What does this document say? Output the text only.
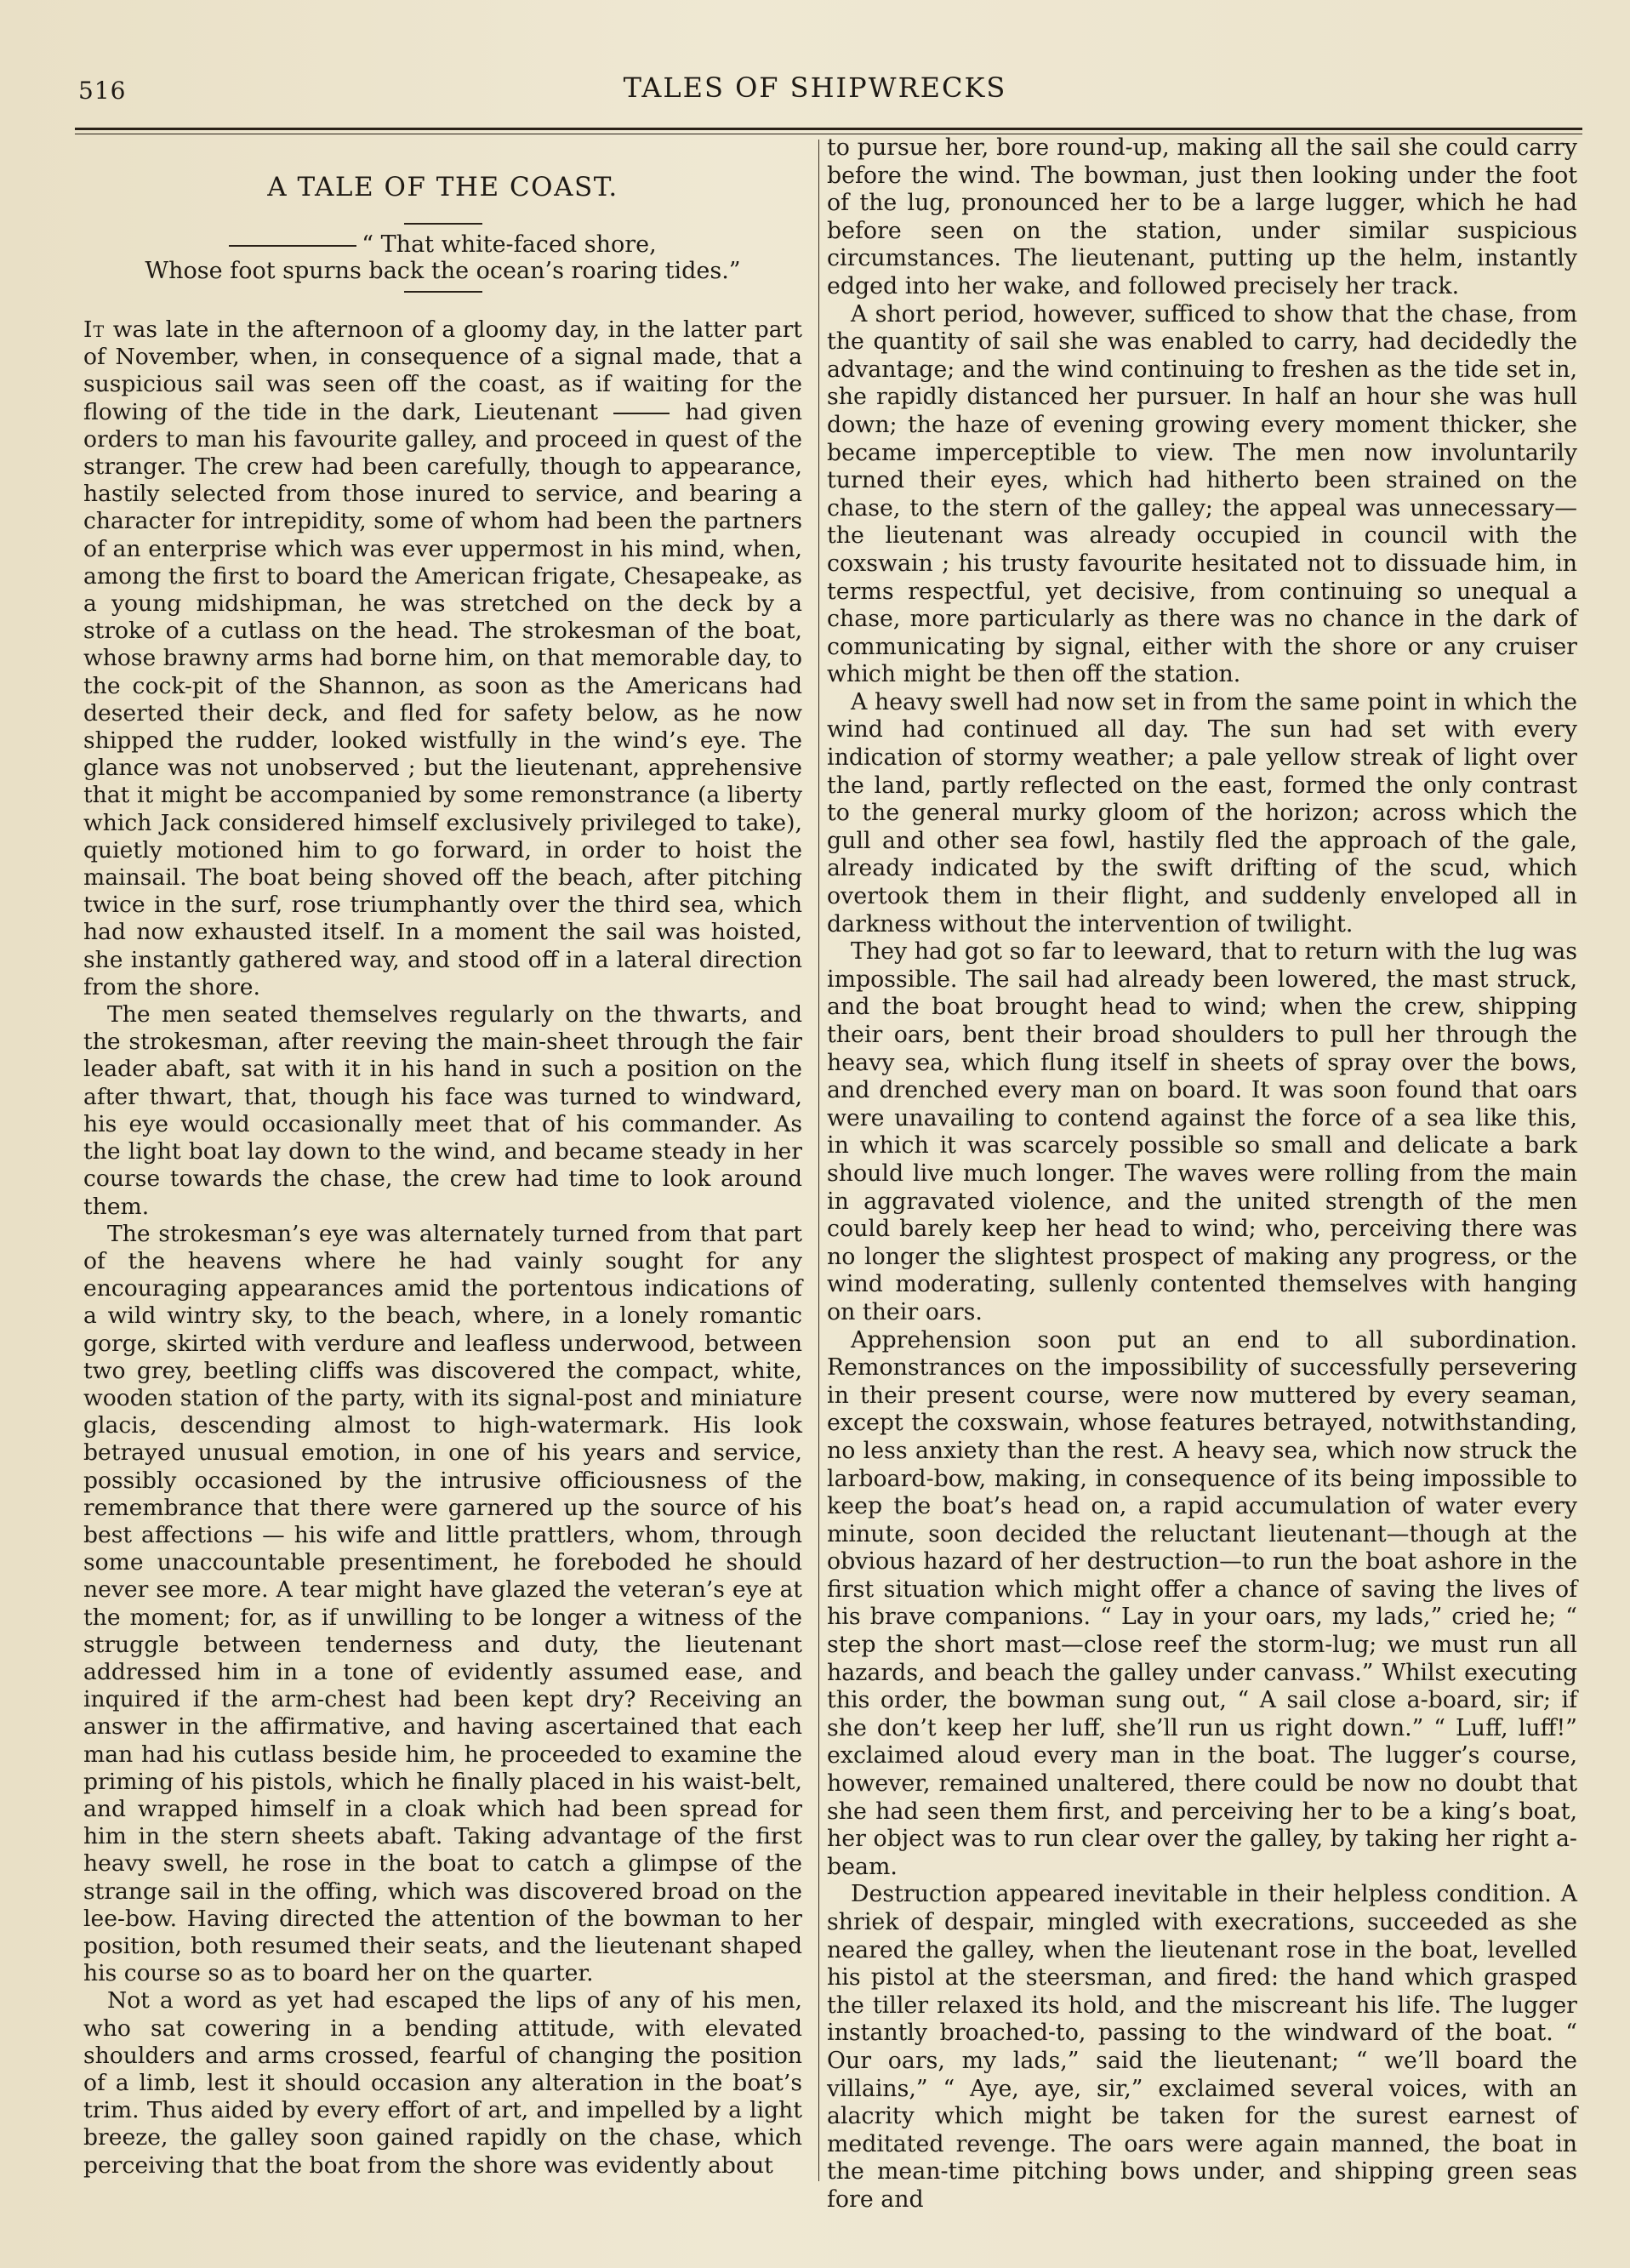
516	TALES OF SHIPWRECKS
A TALE OF THE COAST.
“ That white-faced shore,
Whose foot spurns back the ocean’s roaring tides.”

It was late in the afternoon of a gloomy day, in the latter part of November, when, in consequence of a signal made, that a suspicious sail was seen off the coast, as if waiting for the flowing of the tide in the dark, Lieutenant	had given orders to man his favourite galley, and proceed in quest of the stranger. The crew had been carefully, though to appearance, hastily selected from those inured to service, and bearing a character for intrepidity, some of whom had been the partners of an enterprise which was ever uppermost in his mind, when, among the first to board the American frigate, Chesapeake, as a young midshipman, he was stretched on the deck by a stroke of a cutlass on the head. The strokesman of the boat, whose brawny arms had borne him, on that memorable day, to the cock-pit of the Shannon, as soon as the Americans had deserted their deck, and fled for safety below, as he now shipped the rudder, looked wistfully in the wind’s eye. The glance was not unobserved ; but the lieutenant, apprehensive that it might be accompanied by some remonstrance (a liberty which Jack considered himself exclusively privileged to take), quietly motioned him to go forward, in order to hoist the mainsail. The boat being shoved off the beach, after pitching twice in the surf, rose triumphantly over the third sea, which had now exhausted itself. In a moment the sail was hoisted, she instantly gathered way, and stood off in a lateral direction from the shore.

The men seated themselves regularly on the thwarts, and the strokesman, after reeving the main-sheet through the fair leader abaft, sat with it in his hand in such a position on the after thwart, that, though his face was turned to windward, his eye would occasionally meet that of his commander. As the light boat lay down to the wind, and became steady in her course towards the chase, the crew had time to look around them.

The strokesman’s eye was alternately turned from that part of the heavens where he had vainly sought for any encouraging appearances amid the portentous indications of a wild wintry sky, to the beach, where, in a lonely romantic gorge, skirted with verdure and leafless underwood, between two grey, beetling cliffs was discovered the compact, white, wooden station of the party, with its signal-post and miniature glacis, descending almost to high-watermark. His look betrayed unusual emotion, in one of his years and service, possibly occasioned by the intrusive officiousness of the remembrance that there were garnered up the source of his best affections — his wife and little prattlers, whom, through some unaccountable presentiment, he foreboded he should never see more. A tear might have glazed the veteran’s eye at the moment; for, as if unwilling to be longer a witness of the struggle between tenderness and duty, the lieutenant addressed him in a tone of evidently assumed ease, and inquired if the arm-chest had been kept dry? Receiving an answer in the affirmative, and having ascertained that each man had his cutlass beside him, he proceeded to examine the priming of his pistols, which he finally placed in his waist-belt, and wrapped himself in a cloak which had been spread for him in the stern sheets abaft. Taking advantage of the first heavy swell, he rose in the boat to catch a glimpse of the strange sail in the offing, which was discovered broad on the lee-bow. Having directed the attention of the bowman to her position, both resumed their seats, and the lieutenant shaped his course so as to board her on the quarter.

Not a word as yet had escaped the lips of any of his men, who sat cowering in a bending attitude, with elevated shoulders and arms crossed, fearful of changing the position of a limb, lest it should occasion any alteration in the boat’s trim. Thus aided by every effort of art, and impelled by a light breeze, the galley soon gained rapidly on the chase, which perceiving that the boat from the shore was evidently about

to pursue her, bore round-up, making all the sail she could carry before the wind. The bowman, just then looking under the foot of the lug, pronounced her to be a large lugger, which he had before seen on the station, under similar suspicious circumstances. The lieutenant, putting up the helm, instantly edged into her wake, and followed precisely her track.

A short period, however, sufficed to show that the chase, from the quantity of sail she was enabled to carry, had decidedly the advantage; and the wind continuing to freshen as the tide set in, she rapidly distanced her pursuer. In half an hour she was hull down; the haze of evening growing every moment thicker, she became imperceptible to view. The men now involuntarily turned their eyes, which had hitherto been strained on the chase, to the stern of the galley; the appeal was unnecessary—the lieutenant was already occupied in council with the coxswain ; his trusty favourite hesitated not to dissuade him, in terms respectful, yet decisive, from continuing so unequal a chase, more particularly as there was no chance in the dark of communicating by signal, either with the shore or any cruiser which might be then off the station.

A heavy swell had now set in from the same point in which the wind had continued all day. The sun had set with every indication of stormy weather; a pale yellow streak of light over the land, partly reflected on the east, formed the only contrast to the general murky gloom of the horizon; across which the gull and other sea fowl, hastily fled the approach of the gale, already indicated by the swift drifting of the scud, which overtook them in their flight, and suddenly enveloped all in darkness without the intervention of twilight.

They had got so far to leeward, that to return with the lug was impossible. The sail had already been lowered, the mast struck, and the boat brought head to wind; when the crew, shipping their oars, bent their broad shoulders to pull her through the heavy sea, which flung itself in sheets of spray over the bows, and drenched every man on board. It was soon found that oars were unavailing to contend against the force of a sea like this, in which it was scarcely possible so small and delicate a bark should live much longer. The waves were rolling from the main in aggravated violence, and the united strength of the men could barely keep her head to wind; who, perceiving there was no longer the slightest prospect of making any progress, or the wind moderating, sullenly contented themselves with hanging on their oars.

Apprehension soon put an end to all subordination. Remonstrances on the impossibility of successfully persevering in their present course, were now muttered by every seaman, except the coxswain, whose features betrayed, notwithstanding, no less anxiety than the rest. A heavy sea, which now struck the larboard-bow, making, in consequence of its being impossible to keep the boat’s head on, a rapid accumulation of water every minute, soon decided the reluctant lieutenant—though at the obvious hazard of her destruction—to run the boat ashore in the first situation which might offer a chance of saving the lives of his brave companions. “ Lay in your oars, my lads,” cried he; “ step the short mast—close reef the storm-lug; we must run all hazards, and beach the galley under canvass.” Whilst executing this order, the bowman sung out, “ A sail close a-board, sir; if she don’t keep her luff, she’ll run us right down.” “ Luff, luff!” exclaimed aloud every man in the boat. The lugger’s course, however, remained unaltered, there could be now no doubt that she had seen them first, and perceiving her to be a king’s boat, her object was to run clear over the galley, by taking her right a-beam.

Destruction appeared inevitable in their helpless condition. A shriek of despair, mingled with execrations, succeeded as she neared the galley, when the lieutenant rose in the boat, levelled his pistol at the steersman, and fired: the hand which grasped the tiller relaxed its hold, and the miscreant his life. The lugger instantly broached-to, passing to the windward of the boat. “ Our oars, my lads,” said the lieutenant; “ we’ll board the villains,” “ Aye, aye, sir,” exclaimed several voices, with an alacrity which might be taken for the surest earnest of meditated revenge. The oars were again manned, the boat in the mean-time pitching bows under, and shipping green seas fore and
